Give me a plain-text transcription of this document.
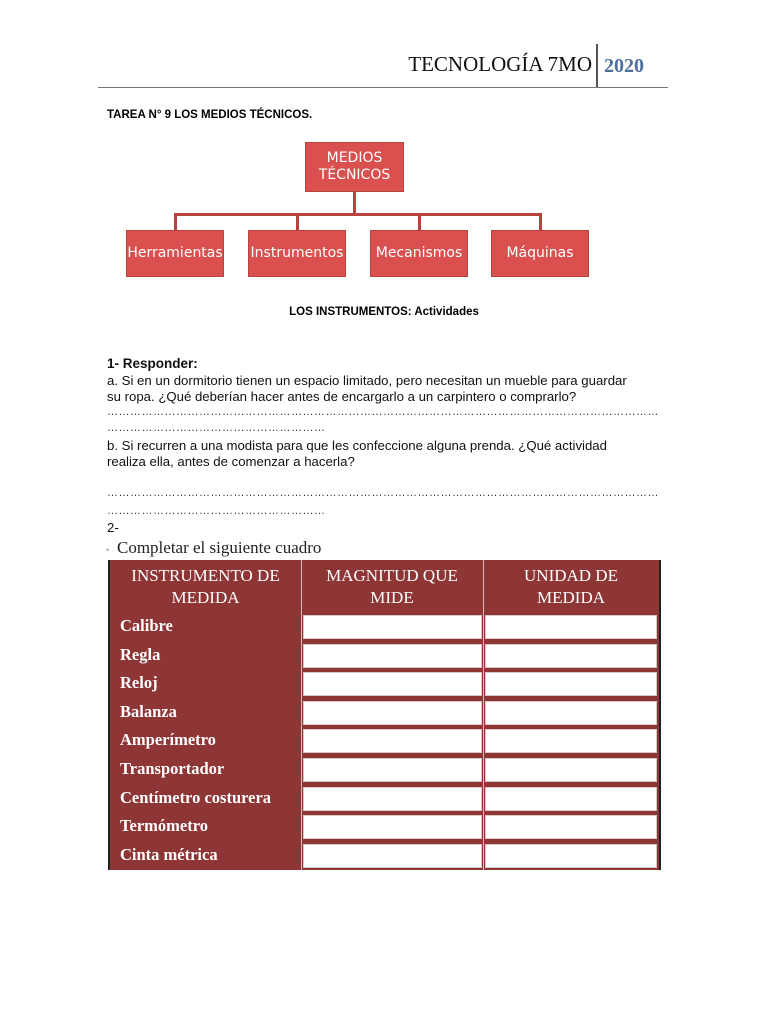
TECNOLOGÍA 7MO 2020
TAREA N° 9 LOS MEDIOS TÉCNICOS.
MEDIOS
TÉCNICOS
Herramientas Instrumentos	Mecanismos	Máquinas
LOS INSTRUMENTOS: Actividades
1- Responder:
a. Si en un dormitorio tienen un espacio limitado, pero necesitan un mueble para guardar
su ropa. ¿Qué deberían hacer antes de encargarlo a un carpintero o comprarlo?
………………………………………………………………………………………………………………………………
…………………………………………………
b. Si recurren a una modista para que les confeccione alguna prenda. ¿Qué actividad
realiza ella, antes de comenzar a hacerla?
………………………………………………………………………………………………………………………………
…………………………………………………
2-
• Completar el siguiente cuadro
INSTRUMENTO DE
MEDIDA
MAGNITUD QUE
MIDE
UNIDAD DE
MEDIDA
Calibre
Regla
Reloj
Balanza
Amperímetro
Transportador
Centímetro costurera
Termómetro
Cinta métrica
